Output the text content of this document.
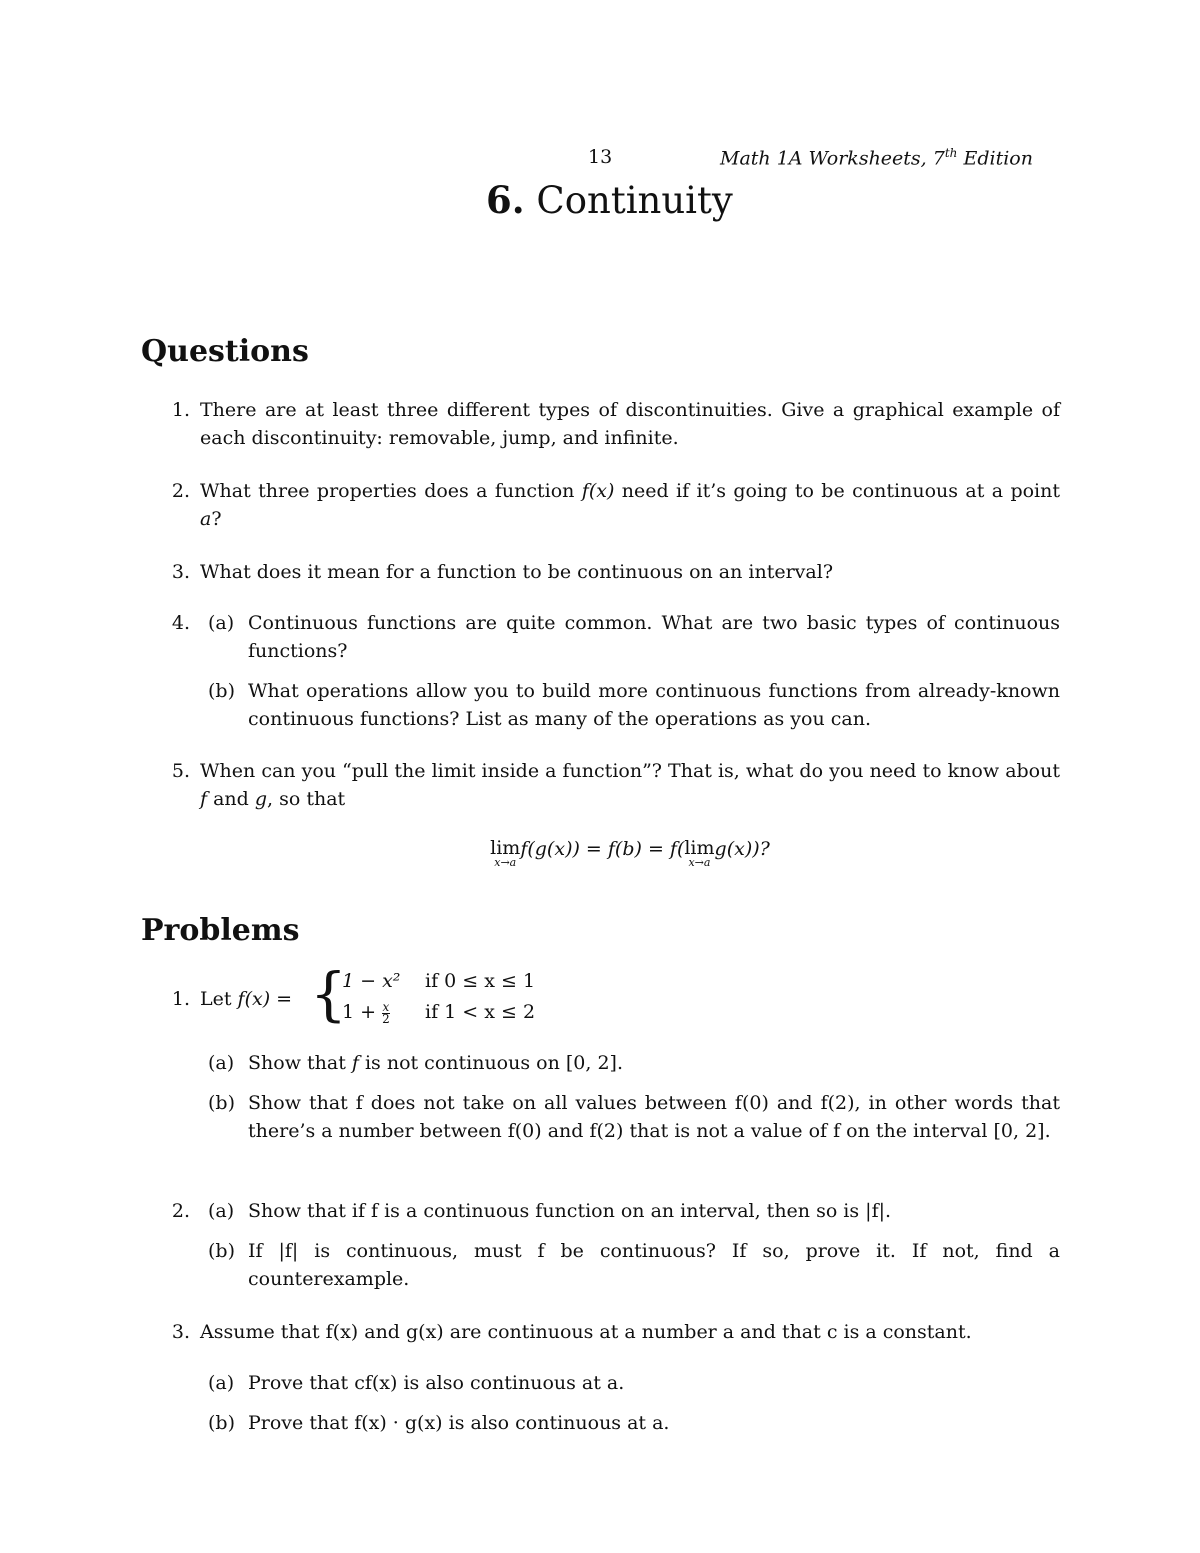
13	Math 1A Worksheets, 7th Edition
6. Continuity
Questions
1. There are at least three different types of discontinuities. Give a graphical example of each discontinuity: removable, jump, and infinite.
2. What three properties does a function f(x) need if it’s going to be continuous at a point a?
3. What does it mean for a function to be continuous on an interval?
4. (a) Continuous functions are quite common. What are two basic types of continuous functions?
(b) What operations allow you to build more continuous functions from already-known continuous functions? List as many of the operations as you can.
5. When can you “pull the limit inside a function”? That is, what do you need to know about f and g, so that
lim
x→a
f(g(x)) = f(b) = f(lim
x→a
g(x))?
Problems
1. Let f(x) = {
1 − x² if 0 ≤ x ≤ 1
$1 + \frac{x}{2}$ if 1 < x ≤ 2
(a) Show that f is not continuous on [0, 2].
(b) Show that f does not take on all values between f(0) and f(2), in other words that there’s a number between f(0) and f(2) that is not a value of f on the interval [0, 2].
2. (a) Show that if f is a continuous function on an interval, then so is |f|.
(b) If |f| is continuous, must f be continuous? If so, prove it. If not, find a counterexample.
3. Assume that f(x) and g(x) are continuous at a number a and that c is a constant.
(a) Prove that cf(x) is also continuous at a.
(b) Prove that f(x) · g(x) is also continuous at a.
